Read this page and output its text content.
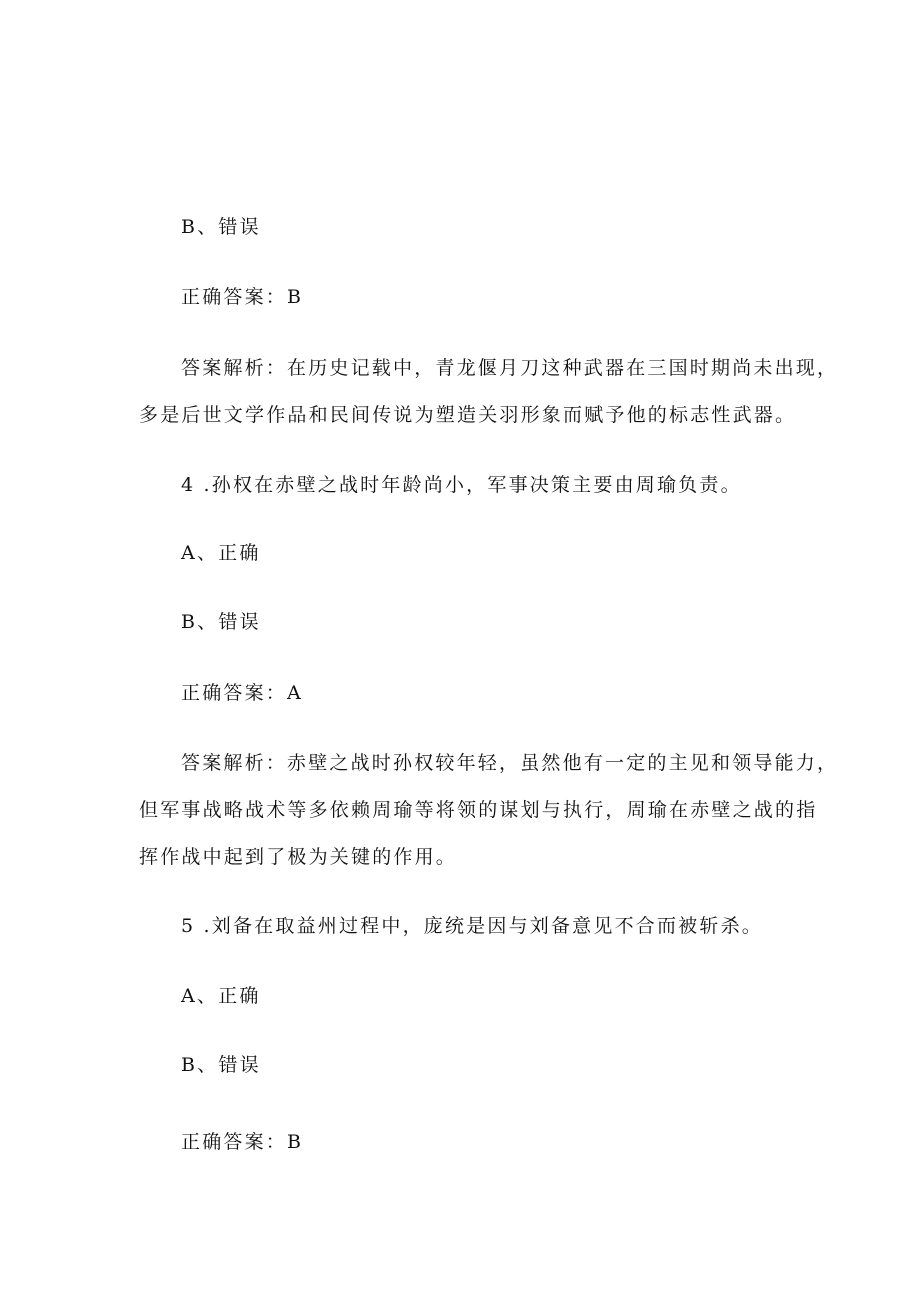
B、错误

正确答案：B

答案解析：在历史记载中，青龙偃月刀这种武器在三国时期尚未出现，

多是后世文学作品和民间传说为塑造关羽形象而赋予他的标志性武器。

4 .孙权在赤壁之战时年龄尚小，军事决策主要由周瑜负责。

A、正确

B、错误

正确答案：A

答案解析：赤壁之战时孙权较年轻，虽然他有一定的主见和领导能力，

但军事战略战术等多依赖周瑜等将领的谋划与执行，周瑜在赤壁之战的指

挥作战中起到了极为关键的作用。

5 .刘备在取益州过程中，庞统是因与刘备意见不合而被斩杀。

A、正确

B、错误

正确答案：B
